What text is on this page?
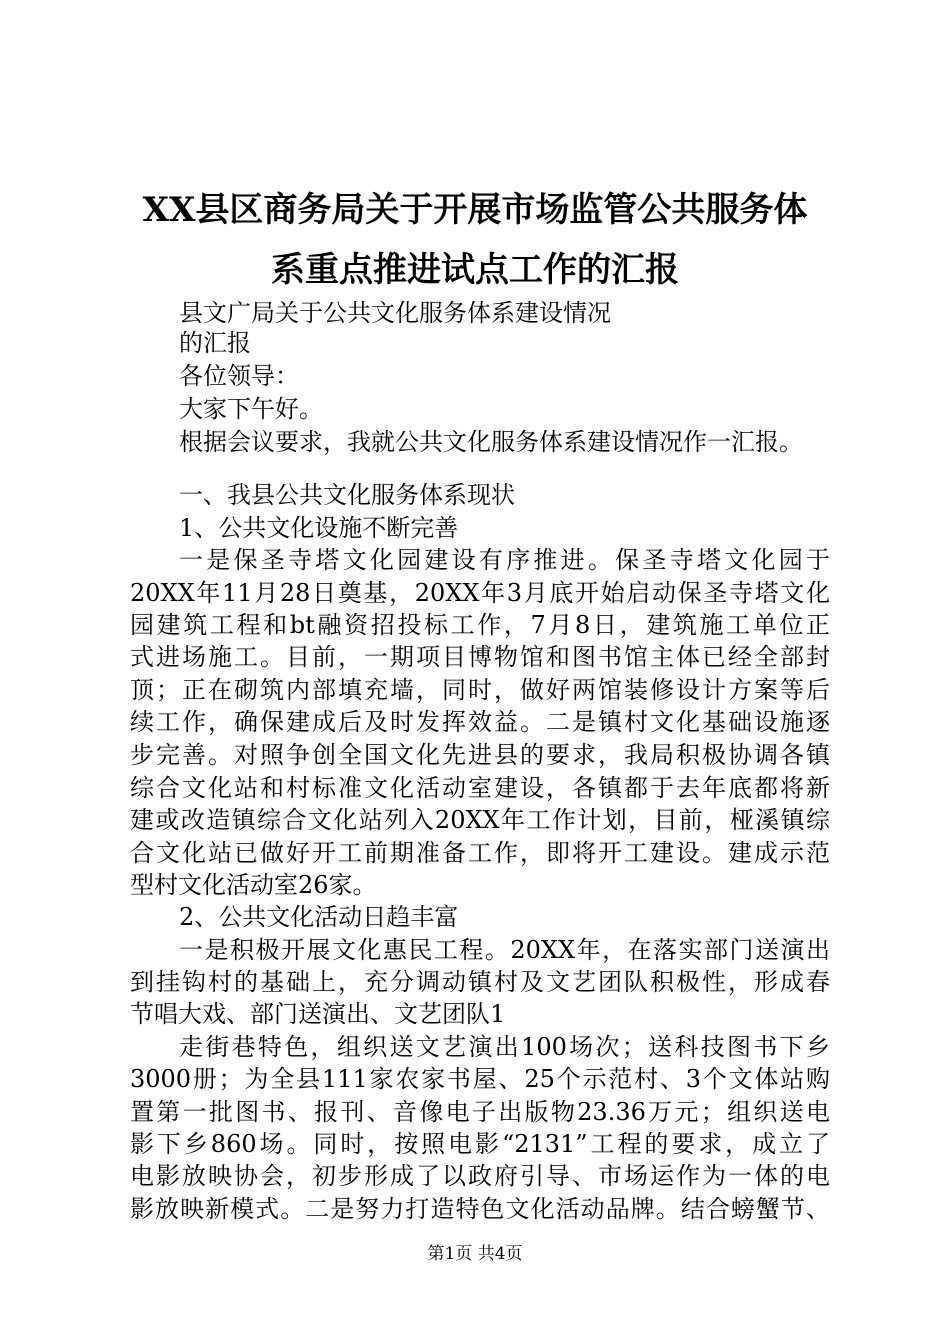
XX县区商务局关于开展市场监管公共服务体
系重点推进试点工作的汇报
县文广局关于公共文化服务体系建设情况
的汇报
各位领导：
大家下午好。
根据会议要求，我就公共文化服务体系建设情况作一汇报。
一、我县公共文化服务体系现状
1、公共文化设施不断完善
一是保圣寺塔文化园建设有序推进。保圣寺塔文化园于
20XX年11月28日奠基，20XX年3月底开始启动保圣寺塔文化
园建筑工程和bt融资招投标工作，7月8日，建筑施工单位正
式进场施工。目前，一期项目博物馆和图书馆主体已经全部封
顶；正在砌筑内部填充墙，同时，做好两馆装修设计方案等后
续工作，确保建成后及时发挥效益。二是镇村文化基础设施逐
步完善。对照争创全国文化先进县的要求，我局积极协调各镇
综合文化站和村标准文化活动室建设，各镇都于去年底都将新
建或改造镇综合文化站列入20XX年工作计划，目前，桠溪镇综
合文化站已做好开工前期准备工作，即将开工建设。建成示范
型村文化活动室26家。
2、公共文化活动日趋丰富
一是积极开展文化惠民工程。20XX年，在落实部门送演出
到挂钩村的基础上，充分调动镇村及文艺团队积极性，形成春
节唱大戏、部门送演出、文艺团队1
走街巷特色，组织送文艺演出100场次；送科技图书下乡
3000册；为全县111家农家书屋、25个示范村、3个文体站购
置第一批图书、报刊、音像电子出版物23.36万元；组织送电
影下乡860场。同时，按照电影“2131”工程的要求，成立了
电影放映协会，初步形成了以政府引导、市场运作为一体的电
影放映新模式。二是努力打造特色文化活动品牌。结合螃蟹节、
第1页 共4页
